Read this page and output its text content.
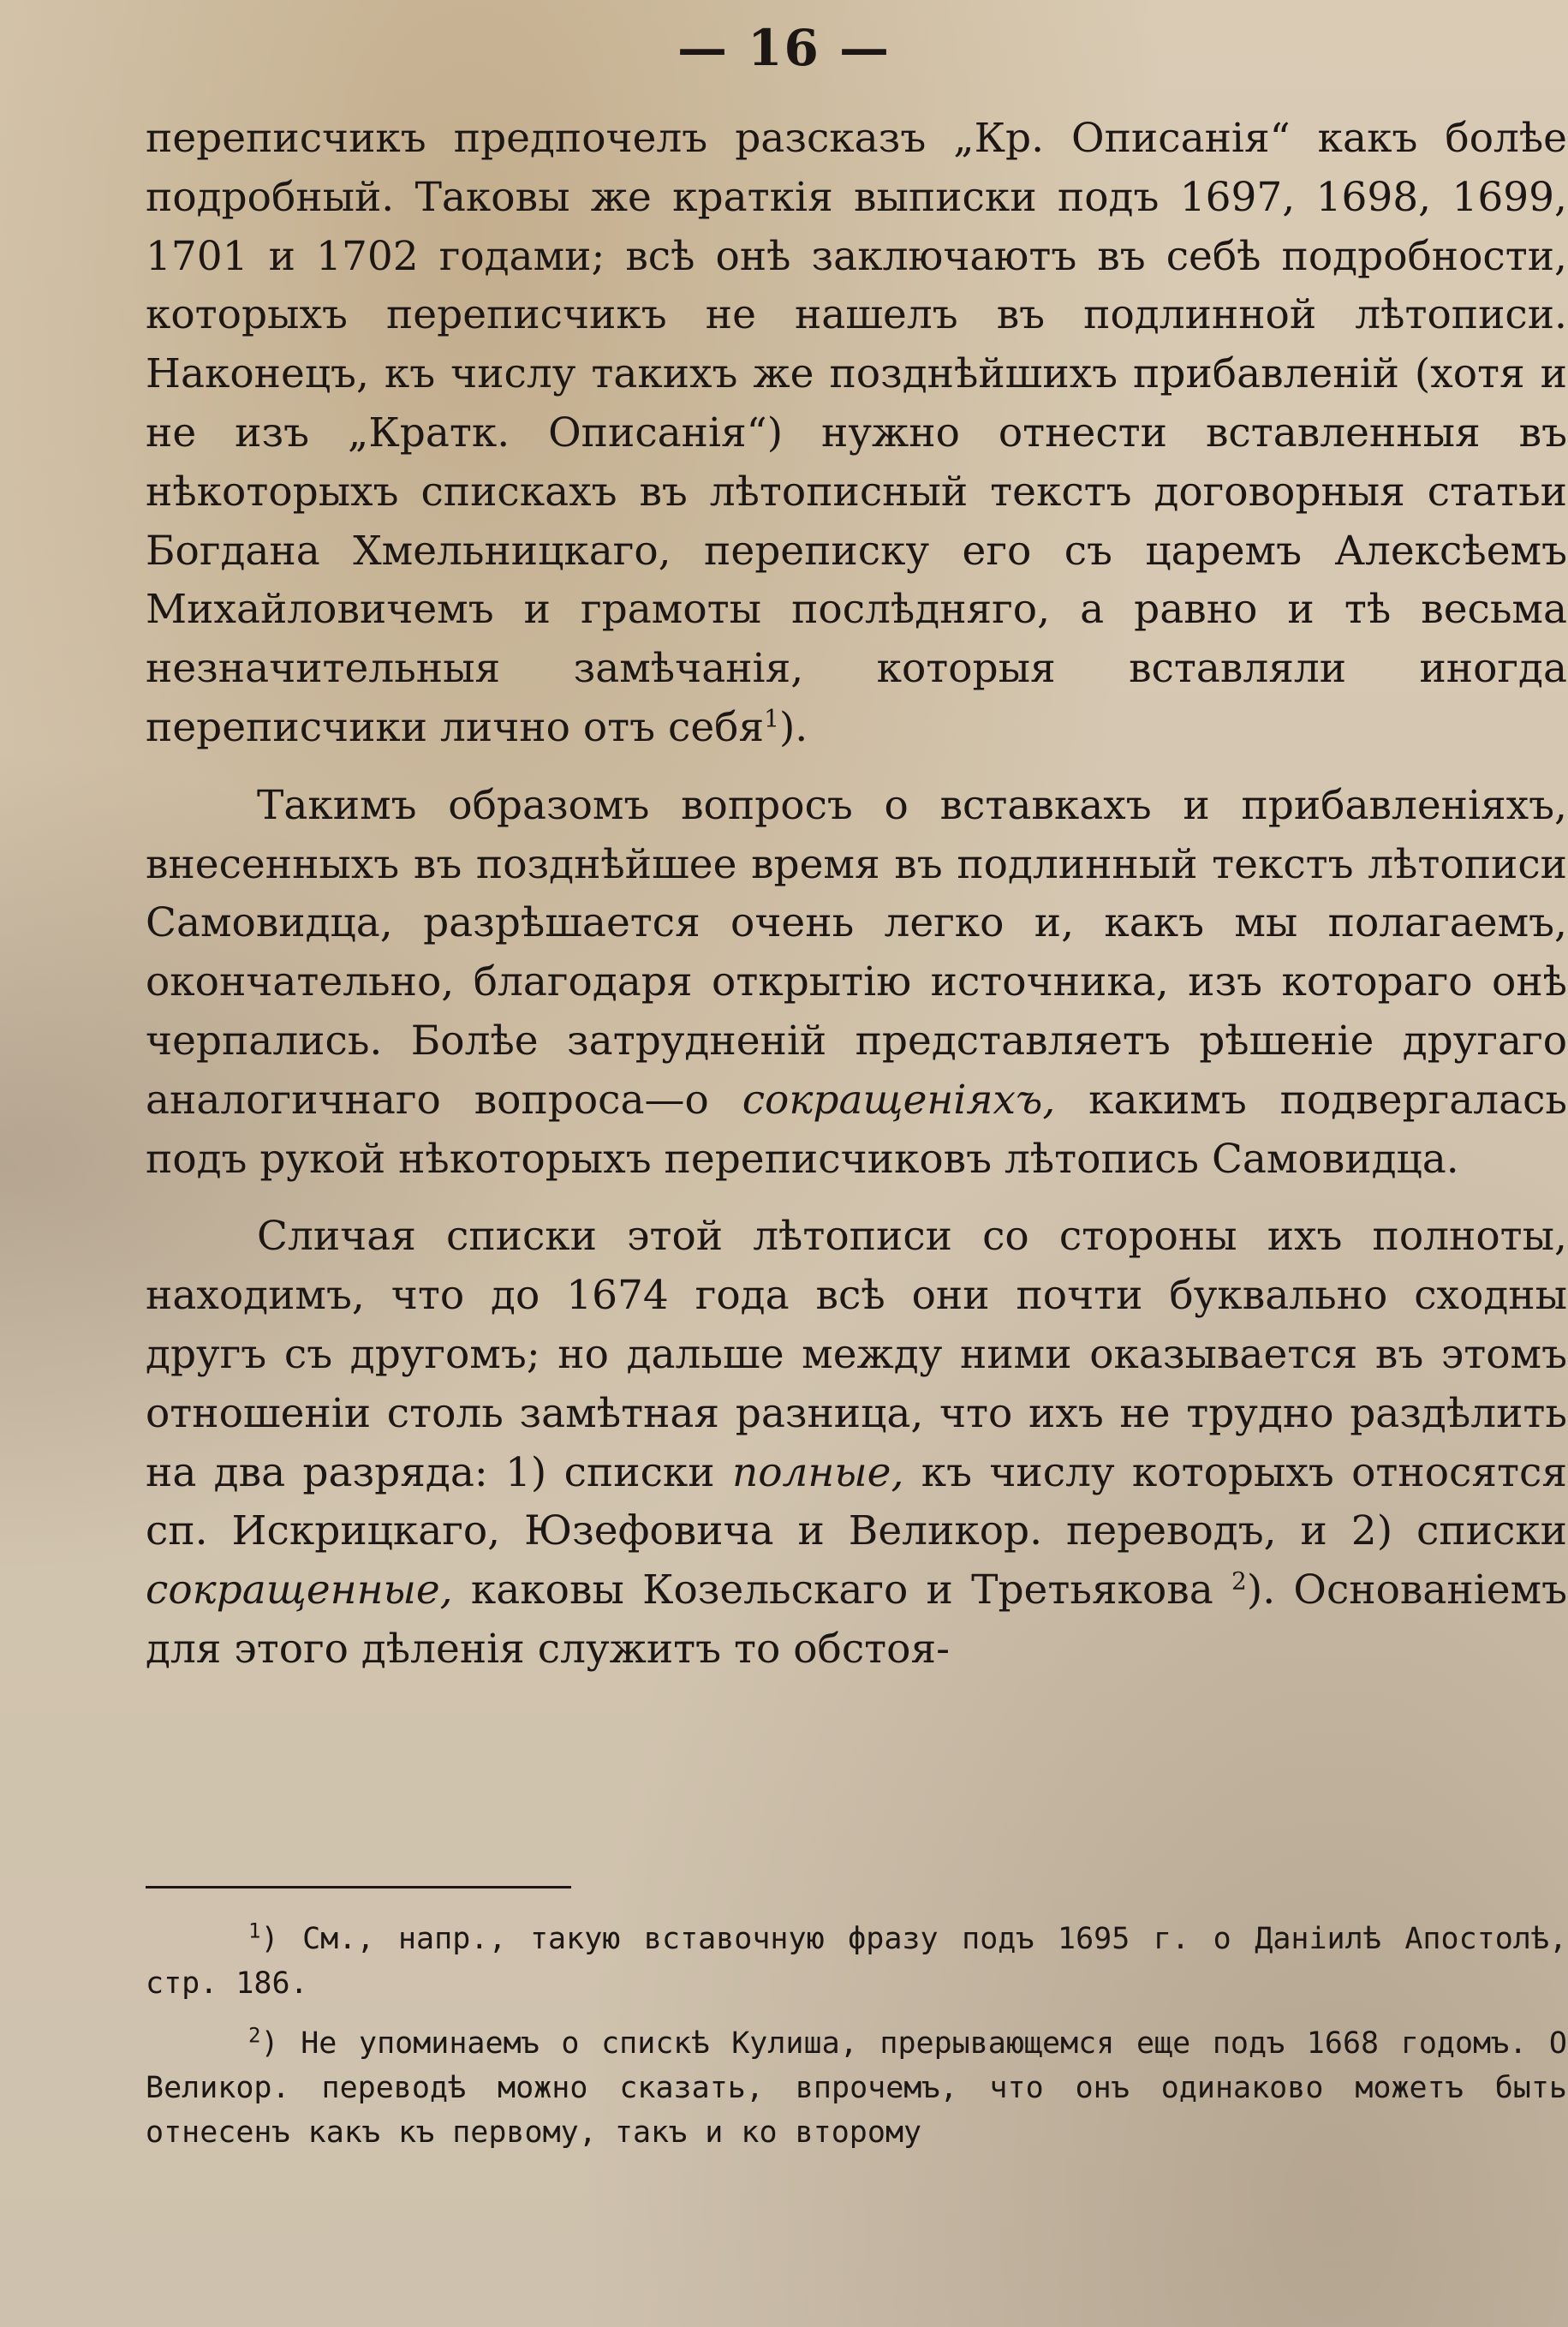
— 16 —

переписчикъ предпочелъ разсказъ „Кр. Описанія“ какъ болѣе подробный. Таковы же краткія выписки подъ 1697, 1698, 1699, 1701 и 1702 годами; всѣ онѣ заключаютъ въ себѣ подробности, которыхъ переписчикъ не нашелъ въ подлинной лѣтописи. Наконецъ, къ числу такихъ же позднѣйшихъ прибавленій (хотя и не изъ „Кратк. Описанія“) нужно отнести вставленныя въ нѣкоторыхъ спискахъ въ лѣтописный текстъ договорныя статьи Богдана Хмельницкаго, переписку его съ царемъ Алексѣемъ Михайловичемъ и грамоты послѣдняго, а равно и тѣ весьма незначительныя замѣчанія, которыя вставляли иногда переписчики лично отъ себя$^1$).

Такимъ образомъ вопросъ о вставкахъ и прибавленіяхъ, внесенныхъ въ позднѣйшее время въ подлинный текстъ лѣтописи Самовидца, разрѣшается очень легко и, какъ мы полагаемъ, окончательно, благодаря открытію источника, изъ котораго онѣ черпались. Болѣе затрудненій представляетъ рѣшеніе другаго аналогичнаго вопроса—о сокращеніяхъ, какимъ подвергалась подъ рукой нѣкоторыхъ переписчиковъ лѣтопись Самовидца.

Сличая списки этой лѣтописи со стороны ихъ полноты, находимъ, что до 1674 года всѣ они почти буквально сходны другъ съ другомъ; но дальше между ними оказывается въ этомъ отношеніи столь замѣтная разница, что ихъ не трудно раздѣлить на два разряда: 1) списки полные, къ числу которыхъ относятся сп. Искрицкаго, Юзефовича и Великор. переводъ, и 2) списки сокращенные, каковы Козельскаго и Третьякова $^2$). Основаніемъ для этого дѣленія служитъ то обстоя-

$^1$) См., напр., такую вставочную фразу подъ 1695 г. о Даніилѣ Апостолѣ, стр. 186.

$^2$) Не упоминаемъ о спискѣ Кулиша, прерывающемся еще подъ 1668 годомъ. О Великор. переводѣ можно сказать, впрочемъ, что онъ одинаково можетъ быть отнесенъ какъ къ первому, такъ и ко второму
